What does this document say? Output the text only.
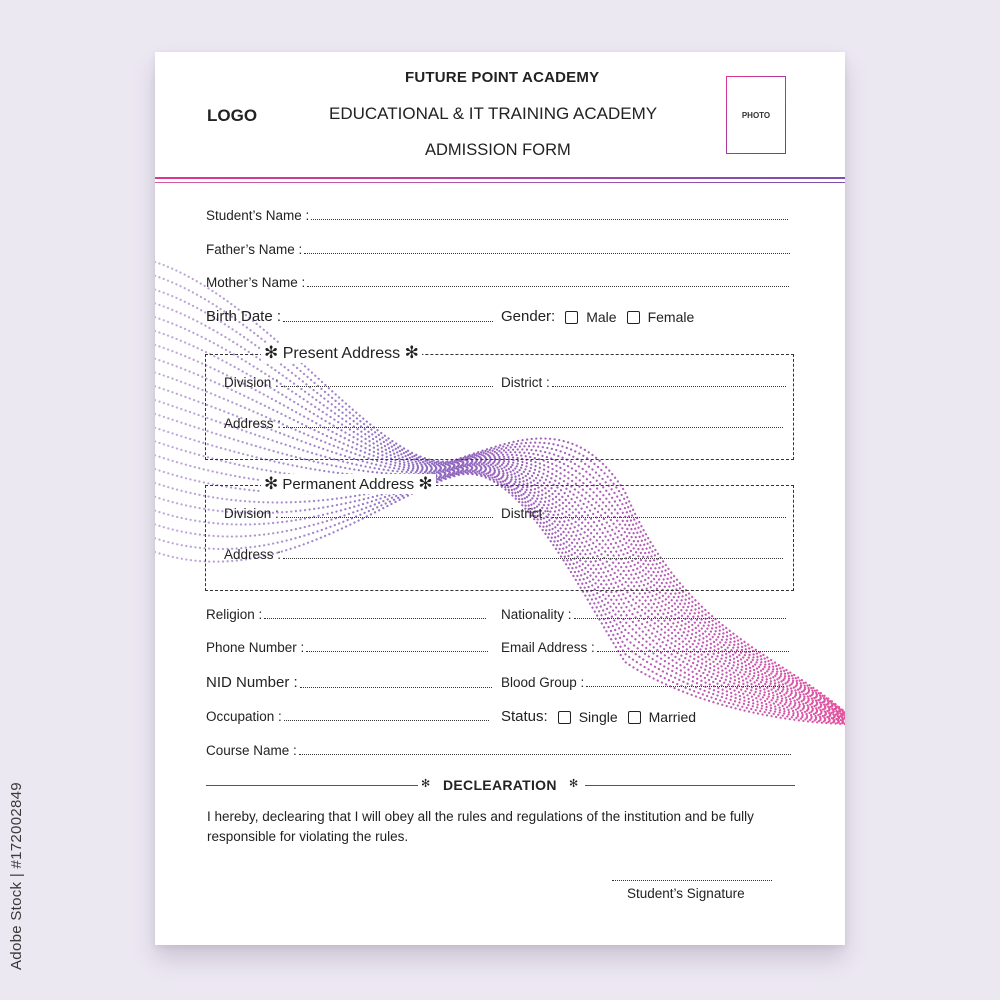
Adobe Stock | #172002849
FUTURE POINT ACADEMY
EDUCATIONAL & IT TRAINING ACADEMY
ADMISSION FORM
LOGO	PHOTO
Student’s Name :
Father’s Name :
Mother’s Name :
Birth Date :	Gender: Male Female
✻ Present Address ✻
Division :	District :
Address :
✻ Permanent Address ✻
Division :	District :
Address :
Religion :	Nationality :
Phone Number :	Email Address :
NID Number :	Blood Group :
Occupation :	Status: Single Married
Course Name :
✻ DECLEARATION ✻
I hereby, declearing that I will obey all the rules and regulations of the institution and be fully responsible for violating the rules.
Student’s Signature
